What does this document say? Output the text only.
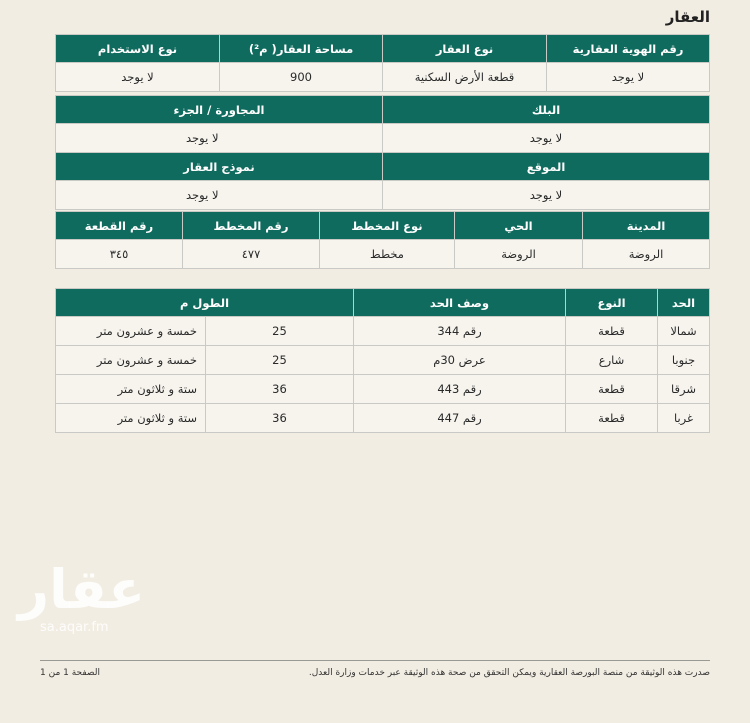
العقار
رقم الهوية العقارية	نوع العقار	مساحة العقار( م²)	نوع الاستخدام
لا يوجد	قطعة الأرض السكنية	900	لا يوجد
البلك	المجاورة / الجزء
لا يوجد	لا يوجد
الموقع	نموذج العقار
لا يوجد	لا يوجد
المدينة	الحي	نوع المخطط	رقم المخطط	رقم القطعة
الروضة	الروضة	مخطط	٤٧٧	٣٤٥
الحد	النوع	وصف الحد	الطول م	
شمالا	قطعة	رقم 344	25	خمسة و عشرون متر
جنوبا	شارع	عرض 30م	25	خمسة و عشرون متر
شرقا	قطعة	رقم 443	36	ستة و ثلاثون متر
غربا	قطعة	رقم 447	36	ستة و ثلاثون متر
عقار
sa.aqar.fm
صدرت هذه الوثيقة من منصة البورصة العقارية ويمكن التحقق من صحة هذه الوثيقة عبر خدمات وزارة العدل.
الصفحة 1 من 1
